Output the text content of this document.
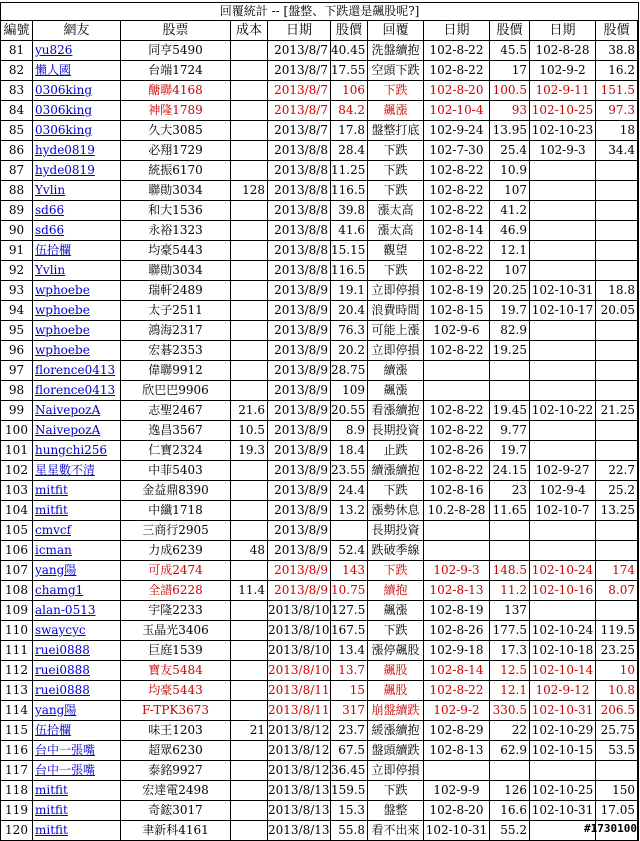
回覆統計 -- [盤整、下跌還是飆股呢?]											
編號	網友	股票	成本	日期	股價	回覆	日期	股價	日期	股價	
81	yu826	同亨5490		2013/8/7	40.45	洗盤續抱	102-8-22	45.5	102-8-28	38.8	
82	懶人國	台端1724		2013/8/7	17.55	空頭下跌	102-8-22	17	102-9-2	16.2	
83	0306king	醣聯4168		2013/8/7	106	下跌	102-8-20	100.5	102-9-11	151.5	
84	0306king	神隆1789		2013/8/7	84.2	飆漲	102-10-4	93	102-10-25	97.3	
85	0306king	久大3085		2013/8/7	17.8	盤整打底	102-9-24	13.95	102-10-23	18	
86	hyde0819	必翔1729		2013/8/8	28.4	下跌	102-7-30	25.4	102-9-3	34.4	
87	hyde0819	統振6170		2013/8/8	11.25	下跌	102-8-22	10.9			
88	Yvlin	聯勛3034	128	2013/8/8	116.5	下跌	102-8-22	107			
89	sd66	和大1536		2013/8/8	39.8	漲太高	102-8-22	41.2			
90	sd66	永裕1323		2013/8/8	41.6	漲太高	102-8-14	46.9			
91	伍拾欄	均豪5443		2013/8/8	15.15	觀望	102-8-22	12.1			
92	Yvlin	聯勛3034		2013/8/8	116.5	下跌	102-8-22	107			
93	wphoebe	瑞軒2489		2013/8/9	19.1	立即停損	102-8-19	20.25	102-10-31	18.8	
94	wphoebe	太子2511		2013/8/9	20.4	浪費時間	102-8-15	19.7	102-10-17	20.05	
95	wphoebe	鴻海2317		2013/8/9	76.3	可能上漲	102-9-6	82.9			
96	wphoebe	宏碁2353		2013/8/9	20.2	立即停損	102-8-22	19.25			
97	florence0413	偉聯9912		2013/8/9	28.75	續漲					
98	florence0413	欣巴巴9906		2013/8/9	109	飆漲					
99	NaivepozA	志聖2467	21.6	2013/8/9	20.55	看漲續抱	102-8-22	19.45	102-10-22	21.25	
100	NaivepozA	逸昌3567	10.5	2013/8/9	8.9	長期投資	102-8-22	9.77			
101	hungchi256	仁寶2324	19.3	2013/8/9	18.4	止跌	102-8-26	19.7			
102	星星數不清	中菲5403		2013/8/9	23.55	續漲續抱	102-8-22	24.15	102-9-27	22.7	
103	mitfit	金益鼎8390		2013/8/9	24.4	下跌	102-8-16	23	102-9-4	25.2	
104	mitfit	中纖1718		2013/8/9	13.2	漲勢休息	10.2-8-28	11.65	102-10-7	13.25	
105	cmvcf	三商行2905		2013/8/9		長期投資					
106	icman	力成6239	48	2013/8/9	52.4	跌破季線					
107	yang陽	可成2474		2013/8/9	143	下跌	102-9-3	148.5	102-10-24	174	
108	chamg1	全譜6228	11.4	2013/8/9	10.75	續抱	102-8-13	11.2	102-10-16	8.07	
109	alan-0513	宇隆2233		2013/8/10	127.5	飆漲	102-8-19	137			
110	swaycyc	玉晶光3406		2013/8/10	167.5	下跌	102-8-26	177.5	102-10-24	119.5	
111	ruei0888	巨庭1539		2013/8/10	13.4	漲停飆股	102-9-18	17.3	102-10-18	23.25	
112	ruei0888	寶友5484		2013/8/10	13.7	飆股	102-8-14	12.5	102-10-14	10	
113	ruei0888	均豪5443		2013/8/11	15	飆股	102-8-22	12.1	102-9-12	10.8	
114	yang陽	F-TPK3673		2013/8/11	317	崩盤續跌	102-9-2	330.5	102-10-31	206.5	
115	伍拾欄	味王1203	21	2013/8/12	23.7	緩漲續抱	102-8-29	22	102-10-29	25.75	
116	台中一張嘴	超眾6230		2013/8/12	67.5	盤頭續跌	102-8-13	62.9	102-10-15	53.5	
117	台中一張嘴	泰銘9927		2013/8/12	36.45	立即停損					
118	mitfit	宏達電2498		2013/8/13	159.5	下跌	102-9-9	126	102-10-25	150	
119	mitfit	奇鋐3017		2013/8/13	15.3	盤整	102-8-20	16.6	102-10-31	17.05	
120	mitfit	聿新科4161		2013/8/13	55.8	看不出來	102-10-31	55.2				#1730100
